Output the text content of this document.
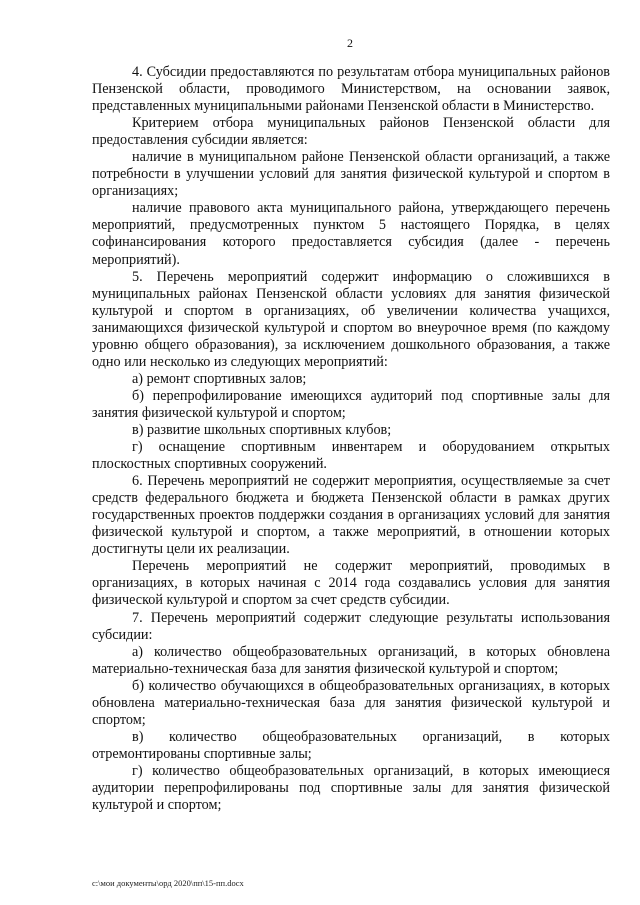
2

4. Субсидии предоставляются по результатам отбора муниципальных районов Пензенской области, проводимого Министерством, на основании заявок, представленных муниципальными районами Пензенской области в Министерство.

Критерием отбора муниципальных районов Пензенской области для предоставления субсидии является:

наличие в муниципальном районе Пензенской области организаций, а также потребности в улучшении условий для занятия физической культурой и спортом в организациях;

наличие правового акта муниципального района, утверждающего перечень мероприятий, предусмотренных пунктом 5 настоящего Порядка, в целях софинансирования которого предоставляется субсидия (далее - перечень мероприятий).

5. Перечень мероприятий содержит информацию о сложившихся в муниципальных районах Пензенской области условиях для занятия физической культурой и спортом в организациях, об увеличении количества учащихся, занимающихся физической культурой и спортом во внеурочное время (по каждому уровню общего образования), за исключением дошкольного образования, а также одно или несколько из следующих мероприятий:

а) ремонт спортивных залов;

б) перепрофилирование имеющихся аудиторий под спортивные залы для занятия физической культурой и спортом;

в) развитие школьных спортивных клубов;

г) оснащение спортивным инвентарем и оборудованием открытых плоскостных спортивных сооружений.

6. Перечень мероприятий не содержит мероприятия, осуществляемые за счет средств федерального бюджета и бюджета Пензенской области в рамках других государственных проектов поддержки создания в организациях условий для занятия физической культурой и спортом, а также мероприятий, в отношении которых достигнуты цели их реализации.

Перечень мероприятий не содержит мероприятий, проводимых в организациях, в которых начиная с 2014 года создавались условия для занятия физической культурой и спортом за счет средств субсидии.

7. Перечень мероприятий содержит следующие результаты использования субсидии:

а) количество общеобразовательных организаций, в которых обновлена материально-техническая база для занятия физической культурой и спортом;

б) количество обучающихся в общеобразовательных организациях, в которых обновлена материально-техническая база для занятия физической культурой и спортом;

в) количество общеобразовательных организаций, в которых отремонтированы спортивные залы;

г) количество общеобразовательных организаций, в которых имеющиеся аудитории перепрофилированы под спортивные залы для занятия физической культурой и спортом;

c:\мои документы\орд 2020\пп\15-пп.docx
